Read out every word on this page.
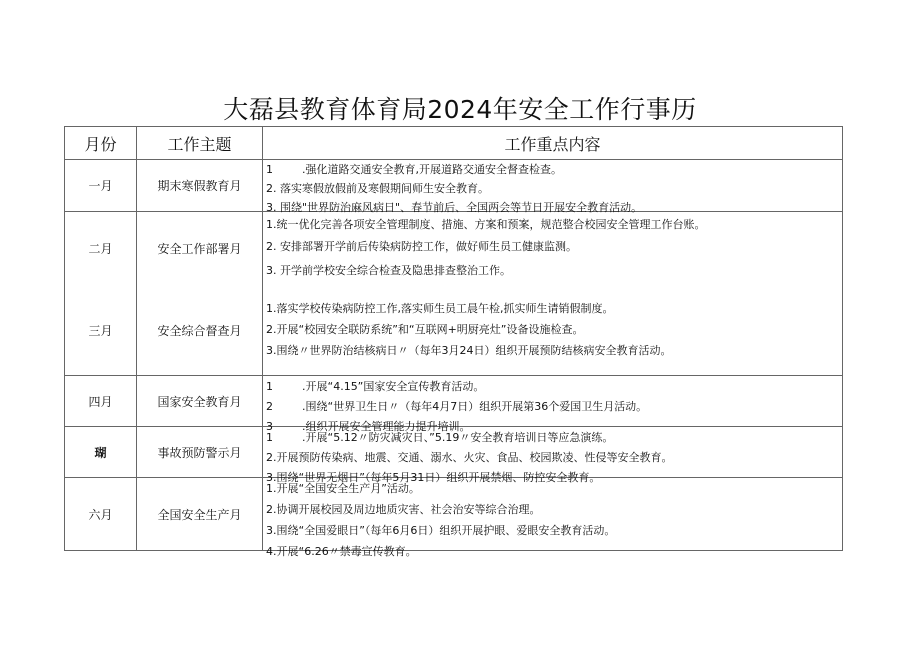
大磊县教育体育局2024年安全工作行事历
月份	工作主题	工作重点内容
一月	期末寒假教育月	1 .强化道路交通安全教育,开展道路交通安全督查检查。
2. 落实寒假放假前及寒假期间师生安全教育。
3. 围绕"世界防治麻风病日"、春节前后、全国两会等节日开展安全教育活动。

二月	安全工作部署月	1.统一优化完善各项安全管理制度、措施、方案和预案，规范整合校园安全管理工作台账。
2. 安排部署开学前后传染病防控工作，做好师生员工健康监测。
3. 开学前学校安全综合检查及隐患排查整治工作。

三月	安全综合督查月	1.落实学校传染病防控工作,落实师生员工晨午检,抓实师生请销假制度。
2.开展“校园安全联防系统”和“互联网+明厨亮灶”设备设施检查。
3.围绕〃世界防治结核病日〃（每年3月24日）组织开展预防结核病安全教育活动。

四月	国家安全教育月	1 .开展“4.15”国家安全宣传教育活动。
2 .围绕“世界卫生日〃（每年4月7日）组织开展第36个爱国卫生月活动。
3 .组织开展安全管理能力提升培训。

瑚	事故预防警示月	1 .开展“5.12〃防灾减灾日、”5.19〃安全教育培训日等应急演练。
2.开展预防传染病、地震、交通、溺水、火灾、食品、校园欺凌、性侵等安全教育。
3.围绕“世界无烟日”（每年5月31日）组织开展禁烟、防控安全教育。

六月	全国安全生产月	1.开展“全国安全生产月”活动。
2.协调开展校园及周边地质灾害、社会治安等综合治理。
3.围绕“全国爱眼日”（每年6月6日）组织开展护眼、爱眼安全教育活动。
4.开展“6.26〃禁毒宣传教育。
